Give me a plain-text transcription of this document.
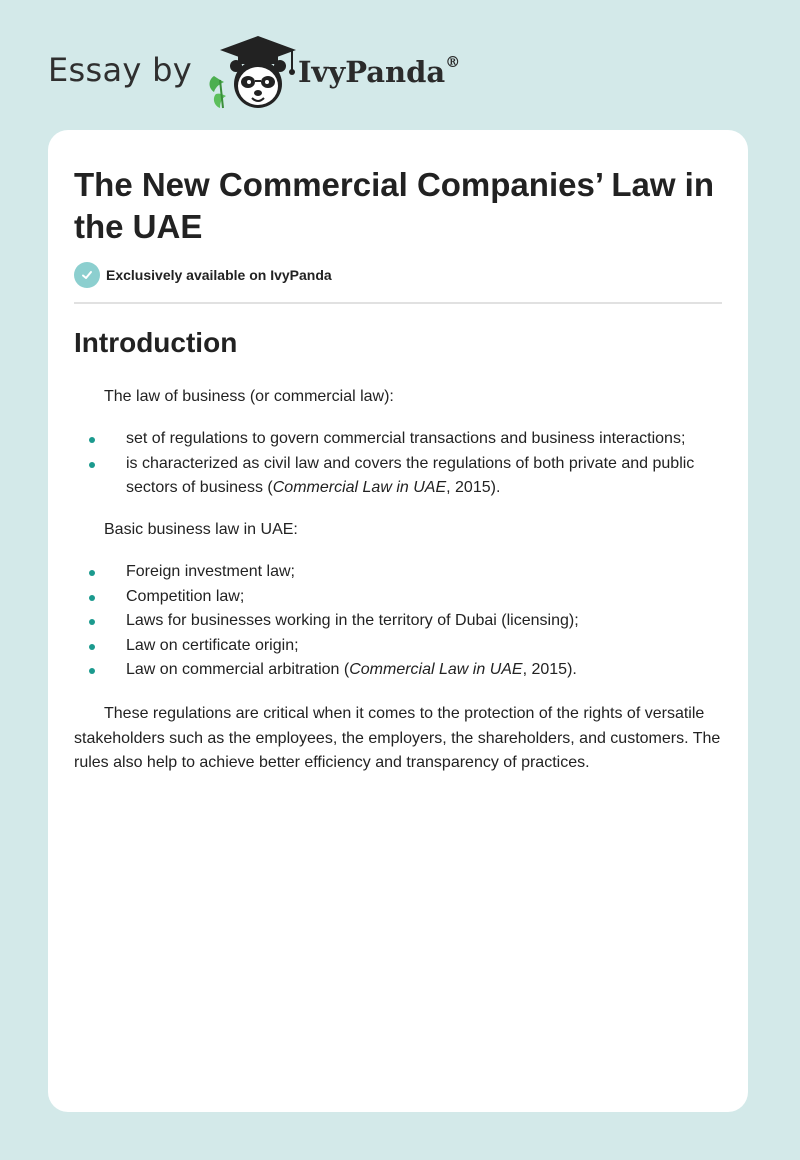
Essay by	IvyPanda®
The New Commercial Companies’ Law in the UAE
Exclusively available on IvyPanda
Introduction

The law of business (or commercial law):

set of regulations to govern commercial transactions and business interactions;
is characterized as civil law and covers the regulations of both private and public sectors of business (Commercial Law in UAE, 2015).

Basic business law in UAE:

Foreign investment law;
Competition law;
Laws for businesses working in the territory of Dubai (licensing);
Law on certificate origin;
Law on commercial arbitration (Commercial Law in UAE, 2015).

These regulations are critical when it comes to the protection of the rights of versatile stakeholders such as the employees, the employers, the shareholders, and customers. The rules also help to achieve better efficiency and transparency of practices.
